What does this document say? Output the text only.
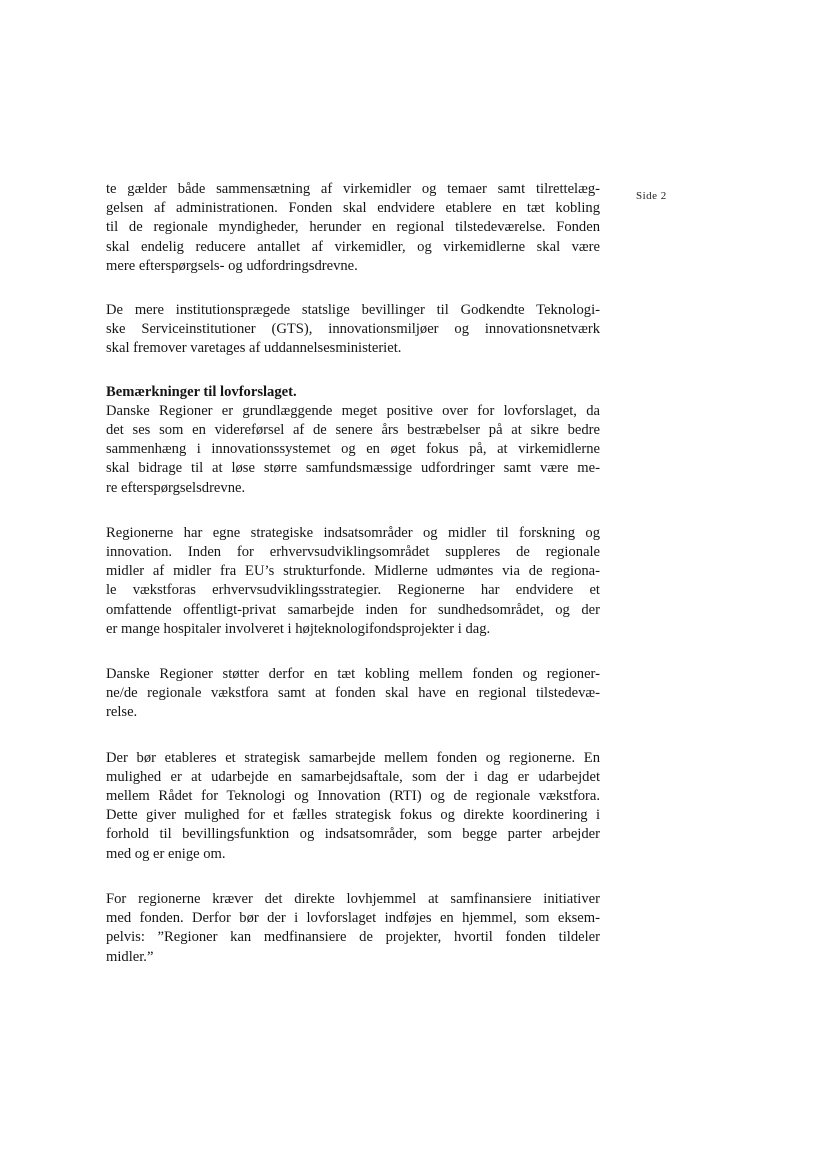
Side 2
te gælder både sammensætning af virkemidler og temaer samt tilrettelæg-
gelsen af administrationen. Fonden skal endvidere etablere en tæt kobling
til de regionale myndigheder, herunder en regional tilstedeværelse. Fonden
skal endelig reducere antallet af virkemidler, og virkemidlerne skal være
mere efterspørgsels- og udfordringsdrevne.
De mere institutionsprægede statslige bevillinger til Godkendte Teknologi-
ske Serviceinstitutioner (GTS), innovationsmiljøer og innovationsnetværk
skal fremover varetages af uddannelsesministeriet.
Bemærkninger til lovforslaget.
Danske Regioner er grundlæggende meget positive over for lovforslaget, da
det ses som en videreførsel af de senere års bestræbelser på at sikre bedre
sammenhæng i innovationssystemet og en øget fokus på, at virkemidlerne
skal bidrage til at løse større samfundsmæssige udfordringer samt være me-
re efterspørgselsdrevne.
Regionerne har egne strategiske indsatsområder og midler til forskning og
innovation. Inden for erhvervsudviklingsområdet suppleres de regionale
midler af midler fra EU’s strukturfonde. Midlerne udmøntes via de regiona-
le vækstforas erhvervsudviklingsstrategier. Regionerne har endvidere et
omfattende offentligt-privat samarbejde inden for sundhedsområdet, og der
er mange hospitaler involveret i højteknologifondsprojekter i dag.
Danske Regioner støtter derfor en tæt kobling mellem fonden og regioner-
ne/de regionale vækstfora samt at fonden skal have en regional tilstedevæ-
relse.
Der bør etableres et strategisk samarbejde mellem fonden og regionerne. En
mulighed er at udarbejde en samarbejdsaftale, som der i dag er udarbejdet
mellem Rådet for Teknologi og Innovation (RTI) og de regionale vækstfora.
Dette giver mulighed for et fælles strategisk fokus og direkte koordinering i
forhold til bevillingsfunktion og indsatsområder, som begge parter arbejder
med og er enige om.
For regionerne kræver det direkte lovhjemmel at samfinansiere initiativer
med fonden. Derfor bør der i lovforslaget indføjes en hjemmel, som eksem-
pelvis: ”Regioner kan medfinansiere de projekter, hvortil fonden tildeler
midler.”
